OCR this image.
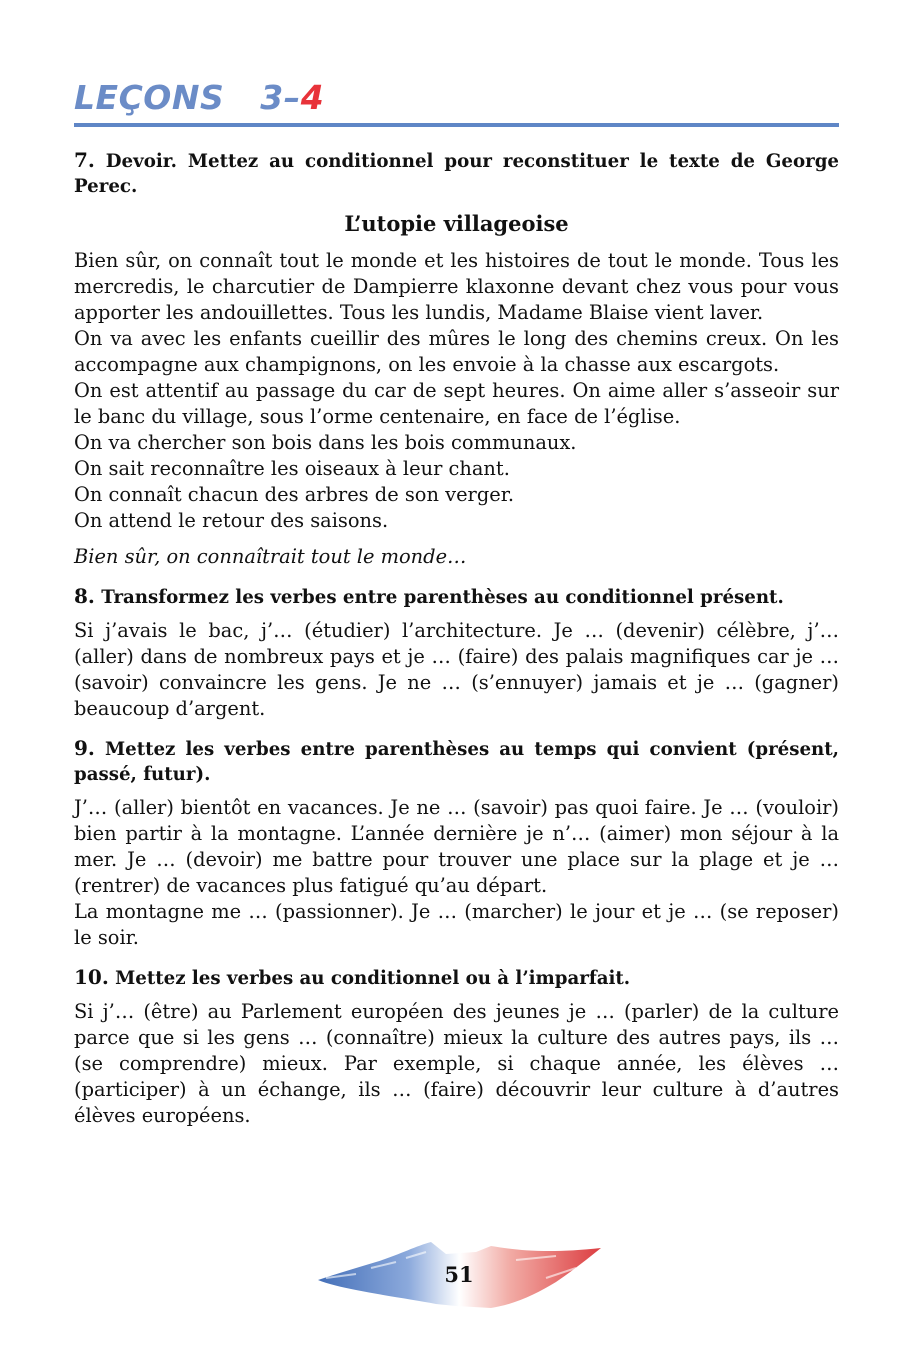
LEÇONS 3–4

7. Devoir. Mettez au conditionnel pour reconstituer le texte de George Perec.

L’utopie villageoise

Bien sûr, on connaît tout le monde et les histoires de tout le monde. Tous les mercredis, le charcutier de Dampierre klaxonne devant chez vous pour vous apporter les andouillettes. Tous les lundis, Madame Blaise vient laver.

On va avec les enfants cueillir des mûres le long des chemins creux. On les accompagne aux champignons, on les envoie à la chasse aux escargots.

On est attentif au passage du car de sept heures. On aime aller s’asseoir sur le banc du village, sous l’orme centenaire, en face de l’église.

On va chercher son bois dans les bois communaux.

On sait reconnaître les oiseaux à leur chant.

On connaît chacun des arbres de son verger.

On attend le retour des saisons.

Bien sûr, on connaîtrait tout le monde…

8. Transformez les verbes entre parenthèses au conditionnel présent.

Si j’avais le bac, j’… (étudier) l’architecture. Je … (devenir) célèbre, j’… (aller) dans de nombreux pays et je … (faire) des palais magnifiques car je … (savoir) convaincre les gens. Je ne … (s’ennuyer) jamais et je … (gagner) beaucoup d’argent.

9. Mettez les verbes entre parenthèses au temps qui convient (présent, passé, futur).

J’… (aller) bientôt en vacances. Je ne … (savoir) pas quoi faire. Je … (vouloir) bien partir à la montagne. L’année dernière je n’… (aimer) mon séjour à la mer. Je … (devoir) me battre pour trouver une place sur la plage et je … (rentrer) de vacances plus fatigué qu’au départ.

La montagne me … (passionner). Je … (marcher) le jour et je … (se reposer) le soir.

10. Mettez les verbes au conditionnel ou à l’imparfait.

Si j’… (être) au Parlement européen des jeunes je … (parler) de la culture parce que si les gens … (connaître) mieux la culture des autres pays, ils … (se comprendre) mieux. Par exemple, si chaque année, les élèves … (participer) à un échange, ils … (faire) découvrir leur culture à d’autres élèves européens.

51
